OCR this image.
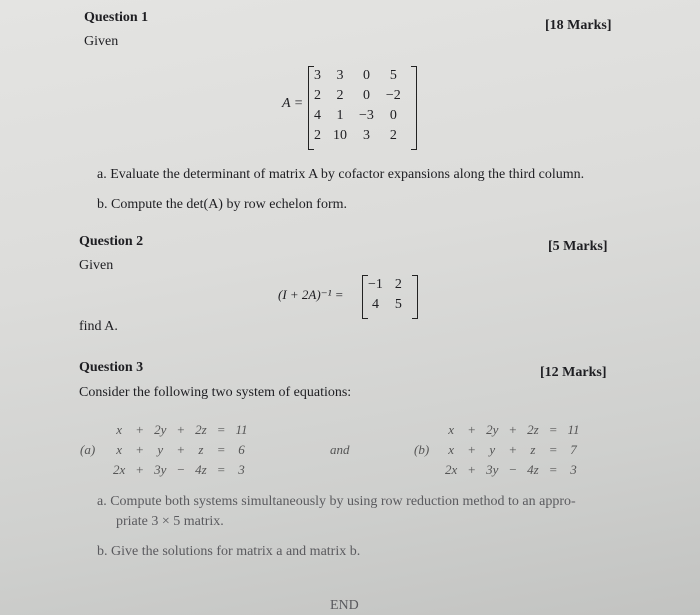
Question 1
[18 Marks]
Given
A =
3	3	0	5
2	2	0	−2
4	1	−3	0
2	10	3	2
a. Evaluate the determinant of matrix A by cofactor expansions along the third column.
b. Compute the det(A) by row echelon form.
Question 2	[5 Marks]
Given
(I + 2A)⁻¹ =
−1	2
4	5
find A.
Question 3	[12 Marks]
Consider the following two system of equations:
(a)
x	+	2y	+	2z	=	11
x	+	y	+	z	=	6
2x	+	3y	−	4z	=	3
and	(b)
x	+	2y	+	2z	=	11
x	+	y	+	z	=	7
2x	+	3y	−	4z	=	3
a. Compute both systems simultaneously by using row reduction method to an appro-
priate 3 × 5 matrix.
b. Give the solutions for matrix a and matrix b.
END
